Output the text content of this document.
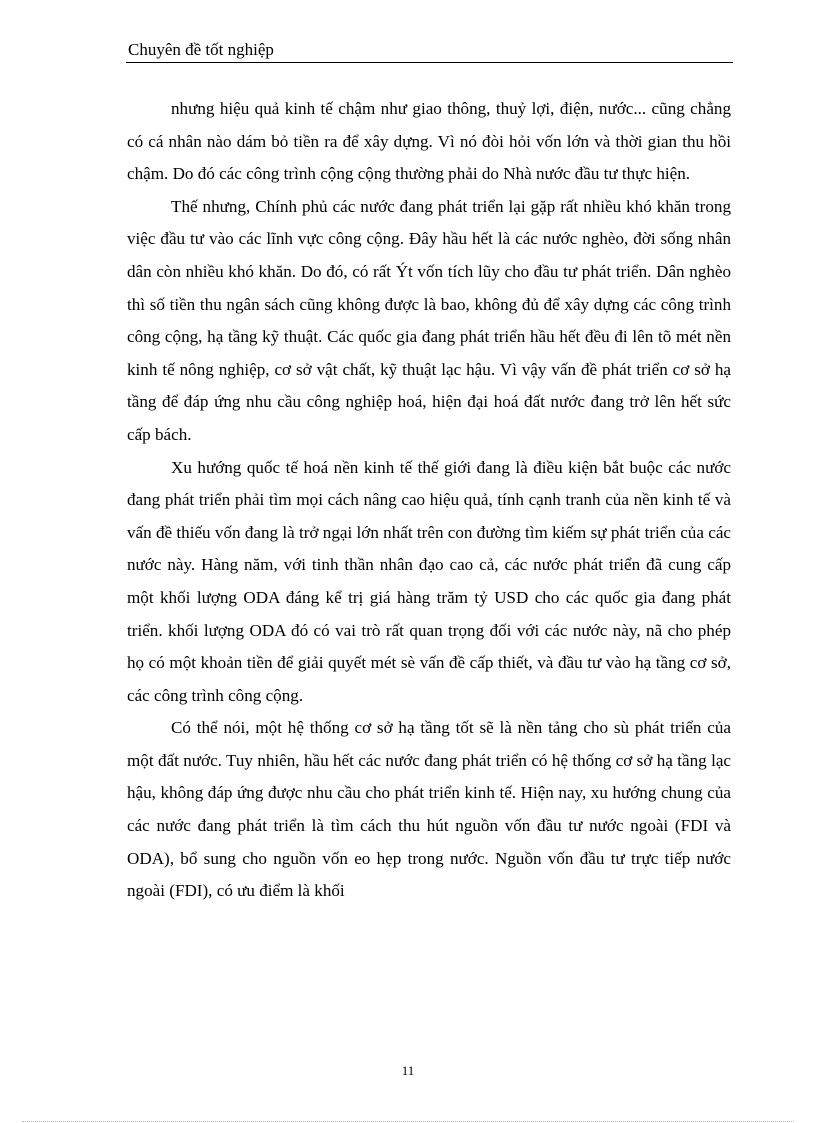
Chuyên đề tốt nghiệp

nhưng hiệu quả kinh tế chậm như giao thông, thuỷ lợi, điện, nước... cũng chẳng có cá nhân nào dám bỏ tiền ra để xây dựng. Vì nó đòi hỏi vốn lớn và thời gian thu hồi chậm. Do đó các công trình cộng cộng thường phải do Nhà nước đầu tư thực hiện.

Thế nhưng, Chính phủ các nước đang phát triển lại gặp rất nhiều khó khăn trong việc đầu tư vào các lĩnh vực công cộng. Đây hầu hết là các nước nghèo, đời sống nhân dân còn nhiều khó khăn. Do đó, có rất Ýt vốn tích lũy cho đầu tư phát triển. Dân nghèo thì số tiền thu ngân sách cũng không được là bao, không đủ để xây dựng các công trình công cộng, hạ tầng kỹ thuật. Các quốc gia đang phát triển hầu hết đều đi lên tõ mét nền kinh tế nông nghiệp, cơ sở vật chất, kỹ thuật lạc hậu. Vì vậy vấn đề phát triển cơ sở hạ tầng để đáp ứng nhu cầu công nghiệp hoá, hiện đại hoá đất nước đang trở lên hết sức cấp bách.

Xu hướng quốc tế hoá nền kinh tế thế giới đang là điều kiện bắt buộc các nước đang phát triển phải tìm mọi cách nâng cao hiệu quả, tính cạnh tranh của nền kinh tế và vấn đề thiếu vốn đang là trở ngại lớn nhất trên con đường tìm kiếm sự phát triển của các nước này. Hàng năm, với tinh thần nhân đạo cao cả, các nước phát triển đã cung cấp một khối lượng ODA đáng kể trị giá hàng trăm tỷ USD cho các quốc gia đang phát triển. khối lượng ODA đó có vai trò rất quan trọng đối với các nước này, nã cho phép họ có một khoản tiền để giải quyết mét sè vấn đề cấp thiết, và đầu tư vào hạ tầng cơ sở, các công trình công cộng.

Có thể nói, một hệ thống cơ sở hạ tầng tốt sẽ là nền tảng cho sù phát triển của một đất nước. Tuy nhiên, hầu hết các nước đang phát triển có hệ thống cơ sở hạ tầng lạc hậu, không đáp ứng được nhu cầu cho phát triển kinh tế. Hiện nay, xu hướng chung của các nước đang phát triển là tìm cách thu hút nguồn vốn đầu tư nước ngoài (FDI và ODA), bổ sung cho nguồn vốn eo hẹp trong nước. Nguồn vốn đầu tư trực tiếp nước ngoài (FDI), có ưu điểm là khối

11
